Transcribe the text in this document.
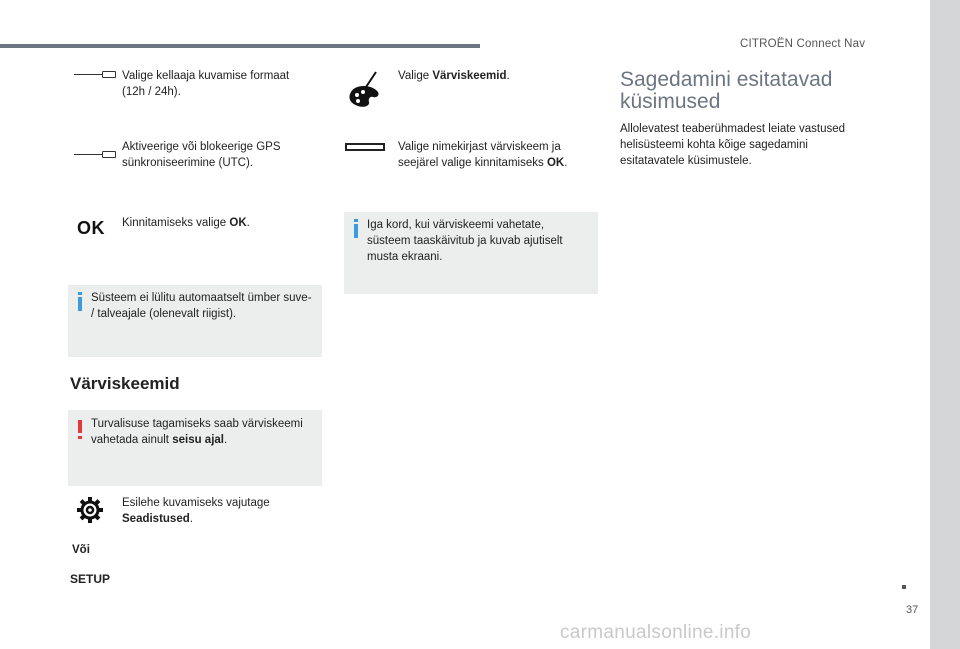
CITROËN Connect Nav
Valige kellaaja kuvamise formaat (12h / 24h).
Aktiveerige või blokeerige GPS sünkroniseerimine (UTC).
OK Kinnitamiseks valige OK.
Süsteem ei lülitu automaatselt ümber suve- / talveajale (olenevalt riigist).
Värviskeemid
Turvalisuse tagamiseks saab värviskeemi vahetada ainult seisu ajal.
Esilehe kuvamiseks vajutage Seadistused.
Või
SETUP
Valige Värviskeemid.
Valige nimekirjast värviskeem ja seejärel valige kinnitamiseks OK.
Iga kord, kui värviskeemi vahetate, süsteem taaskäivitub ja kuvab ajutiselt musta ekraani.
Sagedamini esitatavad
küsimused
Allolevatest teaberühmadest leiate vastused helisüsteemi kohta kõige sagedamini esitatavatele küsimustele.
37
carmanualsonline.info
